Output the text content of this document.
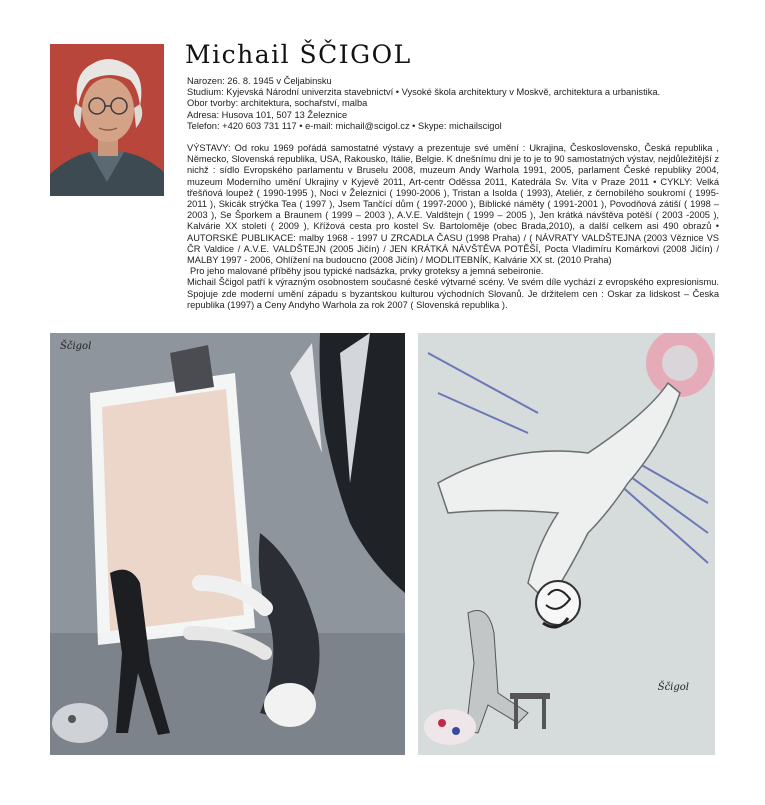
Michail ŠČIGOL

Narozen: 26. 8. 1945 v Čeljabinsku

Studium: Kyjevská Národní univerzita stavebnictví • Vysoké škola architektury v Moskvě, architektura a urbanistika.

Obor tvorby: architektura, sochařství, malba

Adresa: Husova 101, 507 13 Železnice

Telefon: +420 603 731 117 • e-mail: michail@scigol.cz • Skype: michailscigol

VÝSTAVY: Od roku 1969 pořádá samostatné výstavy a prezentuje své umění : Ukrajina, Československo, Česká republika , Německo, Slovenská republika, USA, Rakousko, Itálie, Belgie. K dnešnímu dni je to je to 90 samostatných výstav, nejdůležitější z nichž : sídlo Evropského parlamentu v Bruselu 2008, muzeum Andy Warhola 1991, 2005, parlament České republiky 2004, muzeum Moderního umění Ukrajiny v Kyjevě 2011, Art-centr Oděssa 2011, Katedrála Sv. Víta v Praze 2011 • CYKLY: Velká třešňová loupež ( 1990-1995 ), Noci v Železnici ( 1990-2006 ), Tristan a Isolda ( 1993), Ateliér, z černobílého soukromí ( 1995-2011 ), Skicák strýčka Tea ( 1997 ), Jsem Tančící dům ( 1997-2000 ), Biblické náměty ( 1991-2001 ), Povodňová zátiší ( 1998 – 2003 ), Se Šporkem a Braunem ( 1999 – 2003 ), A.V.E. Valdštejn ( 1999 – 2005 ), Jen krátká návštěva potěší ( 2003 -2005 ), Kalvárie XX století ( 2009 ), Křížová cesta pro kostel Sv. Bartoloměje (obec Brada,2010), a další celkem asi 490 obrazů • AUTORSKÉ PUBLIKACE: malby 1968 - 1997 U ZRCADLA ČASU (1998 Praha) / ( NÁVRATY VALDŠTEJNA (2003 Věznice VS ČR Valdice / A.V.E. VALDŠTEJN (2005 Jičín) / JEN KRÁTKÁ NÁVŠTĚVA POTĚŠÍ, Pocta Vladimíru Komárkovi (2008 Jičín) / MALBY 1997 - 2006, Ohlížení na budoucno (2008 Jičín) / MODLITEBNÍK, Kalvárie XX st. (2010 Praha)

Pro jeho malované příběhy jsou typické nadsázka, prvky groteksy a jemná sebeironie.

Michail Ščigol patří k výrazným osobnostem současné české výtvarné scény. Ve svém díle vychází z evropského expresionismu. Spojuje zde moderní umění západu s byzantskou kulturou východních Slovanů. Je držitelem cen : Oskar za lidskost – Česka republika (1997) a Ceny Andyho Warhola za rok 2007 ( Slovenská republika ).

Ščigol
Ščigol
